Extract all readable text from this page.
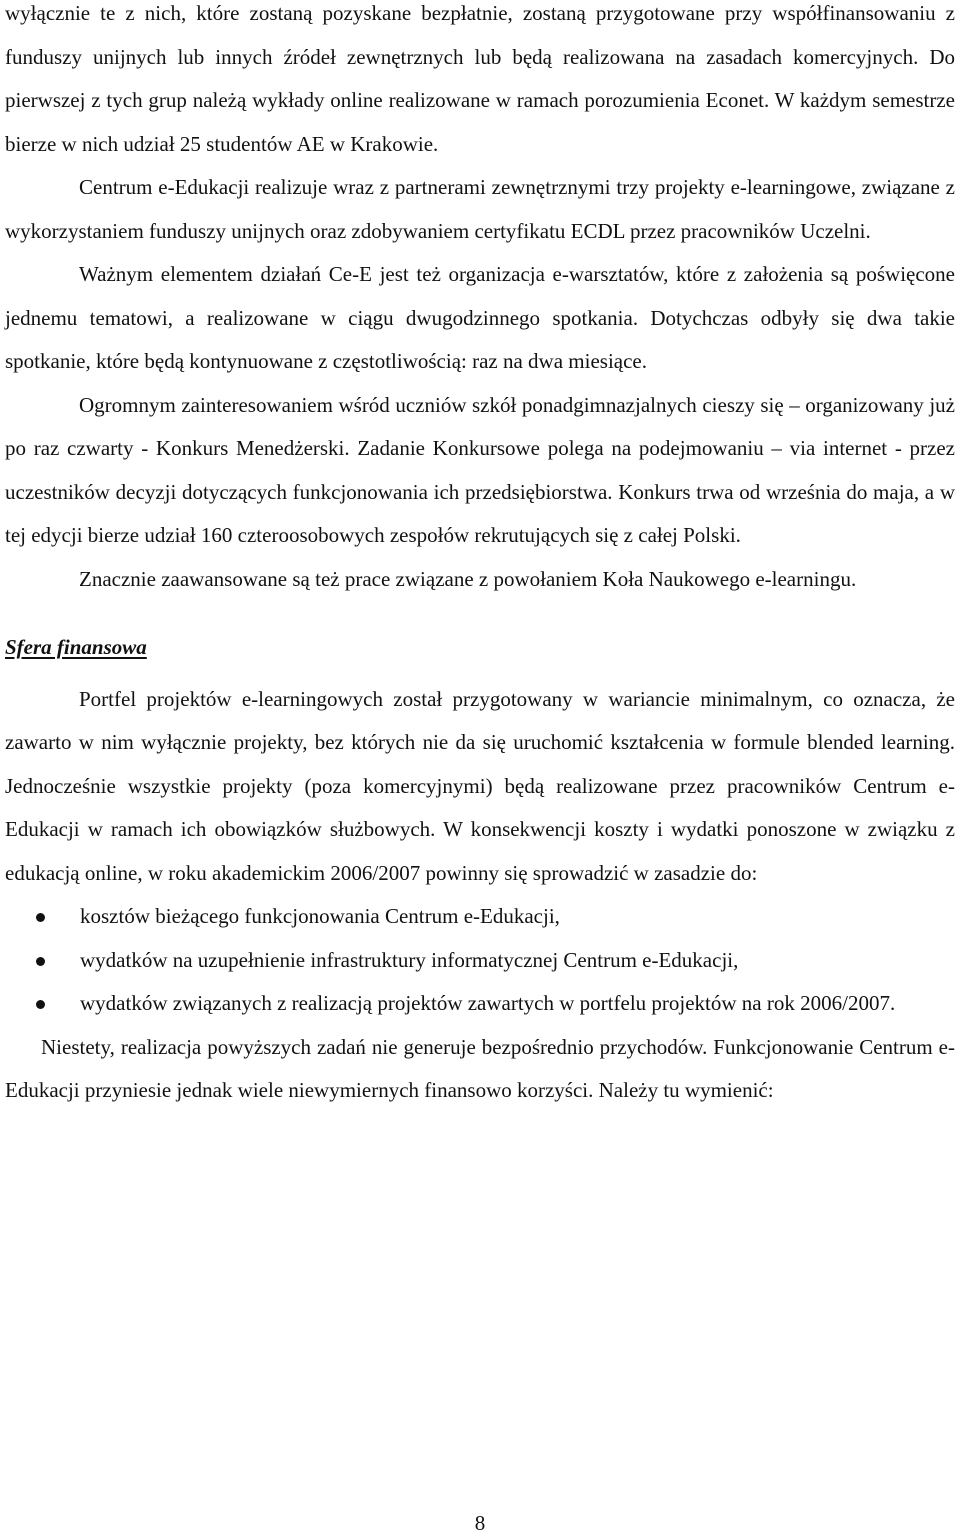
wyłącznie te z nich, które zostaną pozyskane bezpłatnie, zostaną przygotowane przy współfinansowaniu z funduszy unijnych lub innych źródeł zewnętrznych lub będą realizowana na zasadach komercyjnych. Do pierwszej z tych grup należą wykłady online realizowane w ramach porozumienia Econet. W każdym semestrze bierze w nich udział 25 studentów AE w Krakowie.

Centrum e-Edukacji realizuje wraz z partnerami zewnętrznymi trzy projekty e-learningowe, związane z wykorzystaniem funduszy unijnych oraz zdobywaniem certyfikatu ECDL przez pracowników Uczelni.

Ważnym elementem działań Ce-E jest też organizacja e-warsztatów, które z założenia są poświęcone jednemu tematowi, a realizowane w ciągu dwugodzinnego spotkania. Dotychczas odbyły się dwa takie spotkanie, które będą kontynuowane z częstotliwością: raz na dwa miesiące.

Ogromnym zainteresowaniem wśród uczniów szkół ponadgimnazjalnych cieszy się – organizowany już po raz czwarty - Konkurs Menedżerski. Zadanie Konkursowe polega na podejmowaniu – via internet - przez uczestników decyzji dotyczących funkcjonowania ich przedsiębiorstwa. Konkurs trwa od września do maja, a w tej edycji bierze udział 160 czteroosobowych zespołów rekrutujących się z całej Polski.

Znacznie zaawansowane są też prace związane z powołaniem Koła Naukowego e-learningu.

Sfera finansowa

Portfel projektów e-learningowych został przygotowany w wariancie minimalnym, co oznacza, że zawarto w nim wyłącznie projekty, bez których nie da się uruchomić kształcenia w formule blended learning. Jednocześnie wszystkie projekty (poza komercyjnymi) będą realizowane przez pracowników Centrum e-Edukacji w ramach ich obowiązków służbowych. W konsekwencji koszty i wydatki ponoszone w związku z edukacją online, w roku akademickim 2006/2007 powinny się sprowadzić w zasadzie do:

kosztów bieżącego funkcjonowania Centrum e-Edukacji,
wydatków na uzupełnienie infrastruktury informatycznej Centrum e-Edukacji,
wydatków związanych z realizacją projektów zawartych w portfelu projektów na rok 2006/2007.

Niestety, realizacja powyższych zadań nie generuje bezpośrednio przychodów. Funkcjonowanie Centrum e-Edukacji przyniesie jednak wiele niewymiernych finansowo korzyści. Należy tu wymienić:

8
